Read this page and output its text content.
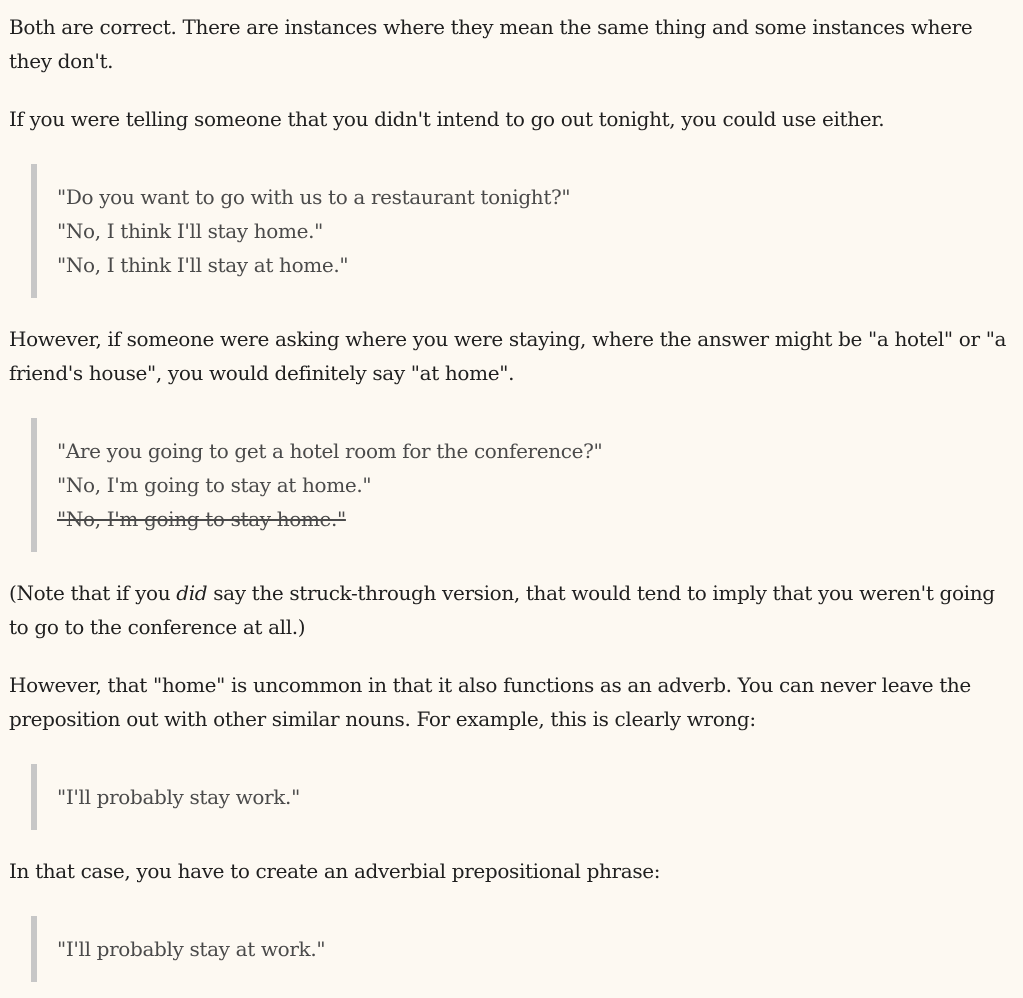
Both are correct. There are instances where they mean the same thing and some instances where they don't.

If you were telling someone that you didn't intend to go out tonight, you could use either.

"Do you want to go with us to a restaurant tonight?"

"No, I think I'll stay home."

"No, I think I'll stay at home."

However, if someone were asking where you were staying, where the answer might be "a hotel" or "a friend's house", you would definitely say "at home".

"Are you going to get a hotel room for the conference?"

"No, I'm going to stay at home."

"No, I'm going to stay home."

(Note that if you did say the struck-through version, that would tend to imply that you weren't going to go to the conference at all.)

However, that "home" is uncommon in that it also functions as an adverb. You can never leave the preposition out with other similar nouns. For example, this is clearly wrong:

"I'll probably stay work."

In that case, you have to create an adverbial prepositional phrase:

"I'll probably stay at work."
